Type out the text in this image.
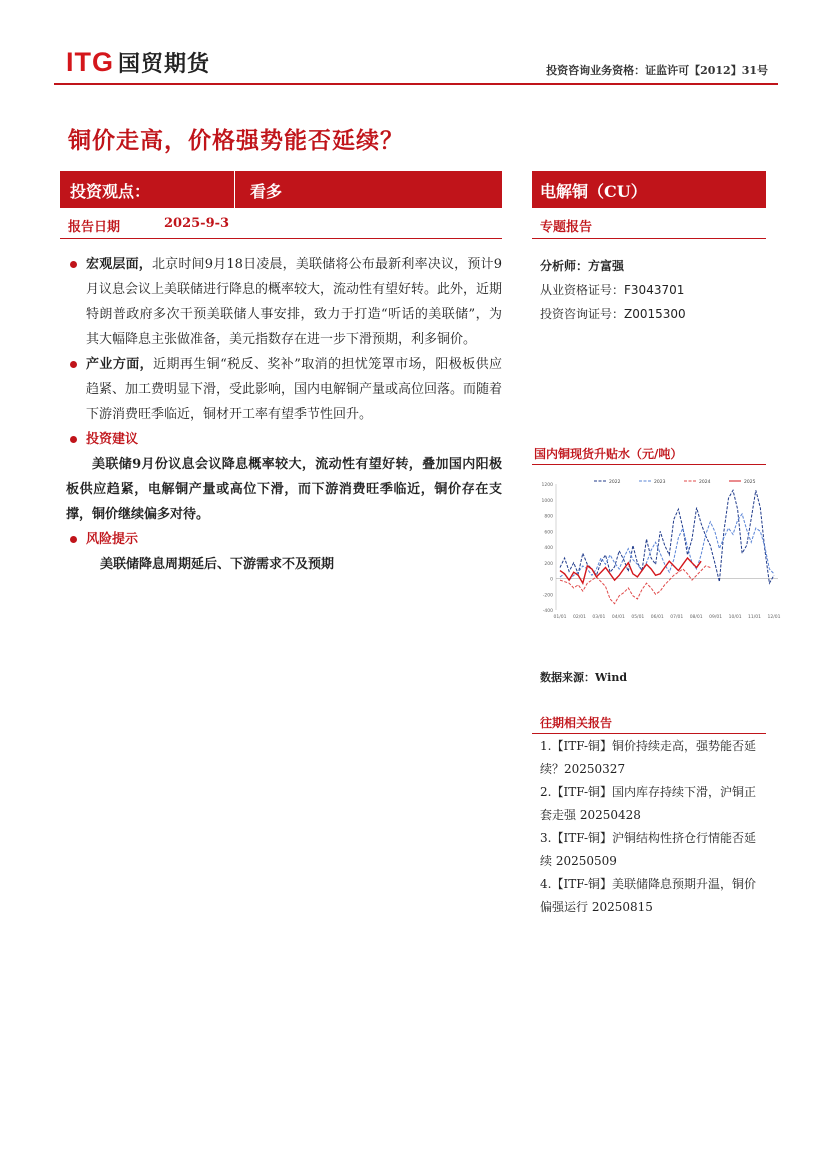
ITG 国贸期货	投资咨询业务资格：证监许可【2012】31号
铜价走高，价格强势能否延续？
投资观点：	看多
报告日期	2025-9-3
宏观层面，北京时间9月18日凌晨，美联储将公布最新利率决议，预计9月议息会议上美联储进行降息的概率较大，流动性有望好转。此外，近期特朗普政府多次干预美联储人事安排，致力于打造“听话的美联储”，为其大幅降息主张做准备，美元指数存在进一步下滑预期，利多铜价。
产业方面，近期再生铜“税反、奖补”取消的担忧笼罩市场，阳极板供应趋紧、加工费明显下滑，受此影响，国内电解铜产量或高位回落。而随着下游消费旺季临近，铜材开工率有望季节性回升。
投资建议
美联储9月份议息会议降息概率较大，流动性有望好转，叠加国内阳极板供应趋紧，电解铜产量或高位下滑，而下游消费旺季临近，铜价存在支撑，铜价继续偏多对待。
风险提示
美联储降息周期延后、下游需求不及预期
电解铜（CU）
专题报告
分析师：方富强
从业资格证号：F3043701
投资咨询证号：Z0015300
国内铜现货升贴水（元/吨）
1200
1000
800
600
400
200
0
-200
-400
01/01 02/01 03/01 04/01 05/01 06/01 07/01 08/01 09/01 10/01 11/01 12/01
2022	2023	2024	2025
数据来源：Wind
往期相关报告
1.【ITF-铜】铜价持续走高，强势能否延续？20250327
2.【ITF-铜】国内库存持续下滑，沪铜正套走强 20250428
3.【ITF-铜】沪铜结构性挤仓行情能否延续 20250509
4.【ITF-铜】美联储降息预期升温，铜价偏强运行 20250815
